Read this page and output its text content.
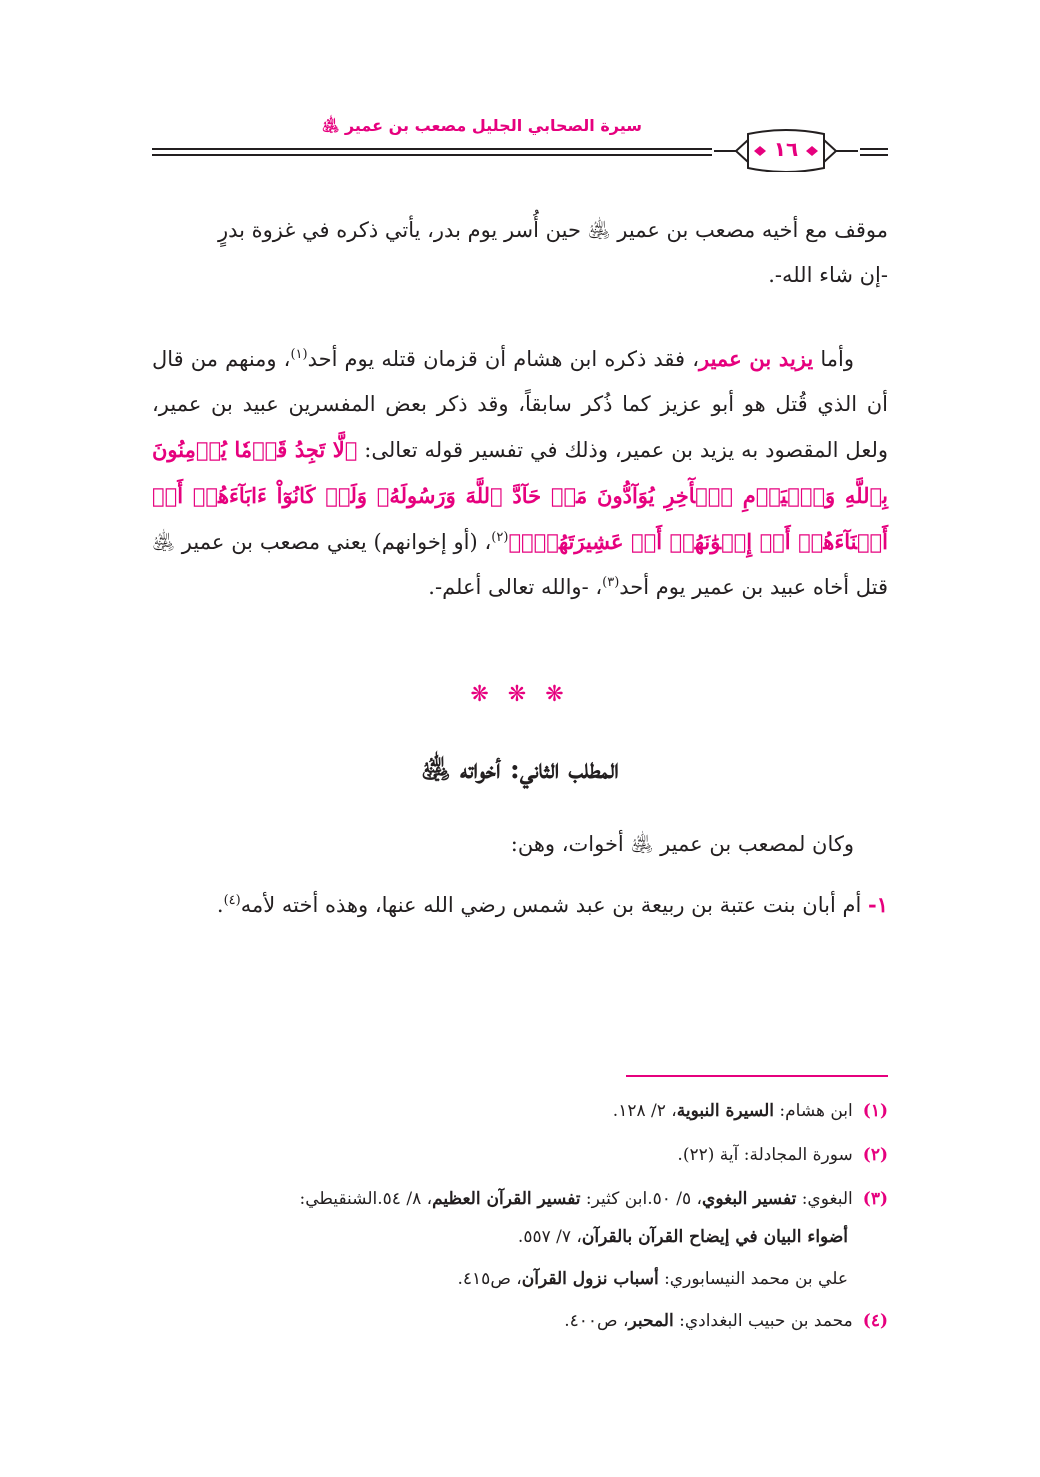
سيرة الصحابي الجليل مصعب بن عمير ﵁
١٦
موقف مع أخيه مصعب بن عمير ﵁ حين أُسر يوم بدر، يأتي ذكره في غزوة بدرٍ
-إن شاء الله-.
وأما يزيد بن عمير، فقد ذكره ابن هشام أن قزمان قتله يوم أحد$^{(١)}$، ومنهم من قال أن الذي قُتل هو أبو عزيز كما ذُكر سابقاً، وقد ذكر بعض المفسرين عبيد بن عمير، ولعل المقصود به يزيد بن عمير، وذلك في تفسير قوله تعالى: ﴿لَّا تَجِدُ قَوۡمٗا يُؤۡمِنُونَ بِٱللَّهِ وَٱلۡيَوۡمِ ٱلۡأٓخِرِ يُوَآدُّونَ مَنۡ حَآدَّ ٱللَّهَ وَرَسُولَهُۥ وَلَوۡ كَانُوٓاْ ءَابَآءَهُمۡ أَوۡ أَبۡنَآءَهُمۡ أَوۡ إِخۡوَٰنَهُمۡ أَوۡ عَشِيرَتَهُمۡۚ﴾$^{(٢)}$، (أو إخوانهم) يعني مصعب بن عمير ﵁ قتل أخاه عبيد بن عمير يوم أحد$^{(٣)}$، -والله تعالى أعلم-.
❋ ❋ ❋
المطلب الثاني: أخواته ﵁
وكان لمصعب بن عمير ﵁ أخوات، وهن:
١- أم أبان بنت عتبة بن ربيعة بن عبد شمس رضي الله عنها، وهذه أخته لأمه$^{(٤)}$.
(١)ابن هشام: السيرة النبوية، ٢/ ١٢٨.
(٢)سورة المجادلة: آية (٢٢).
(٣)البغوي: تفسير البغوي، ٥/ ٥٠.ابن كثير: تفسير القرآن العظيم، ٨/ ٥٤.الشنقيطي:
أضواء البيان في إيضاح القرآن بالقرآن، ٧/ ٥٥٧.
علي بن محمد النيسابوري: أسباب نزول القرآن، ص٤١٥.
(٤)محمد بن حبيب البغدادي: المحبر، ص٤٠٠.
